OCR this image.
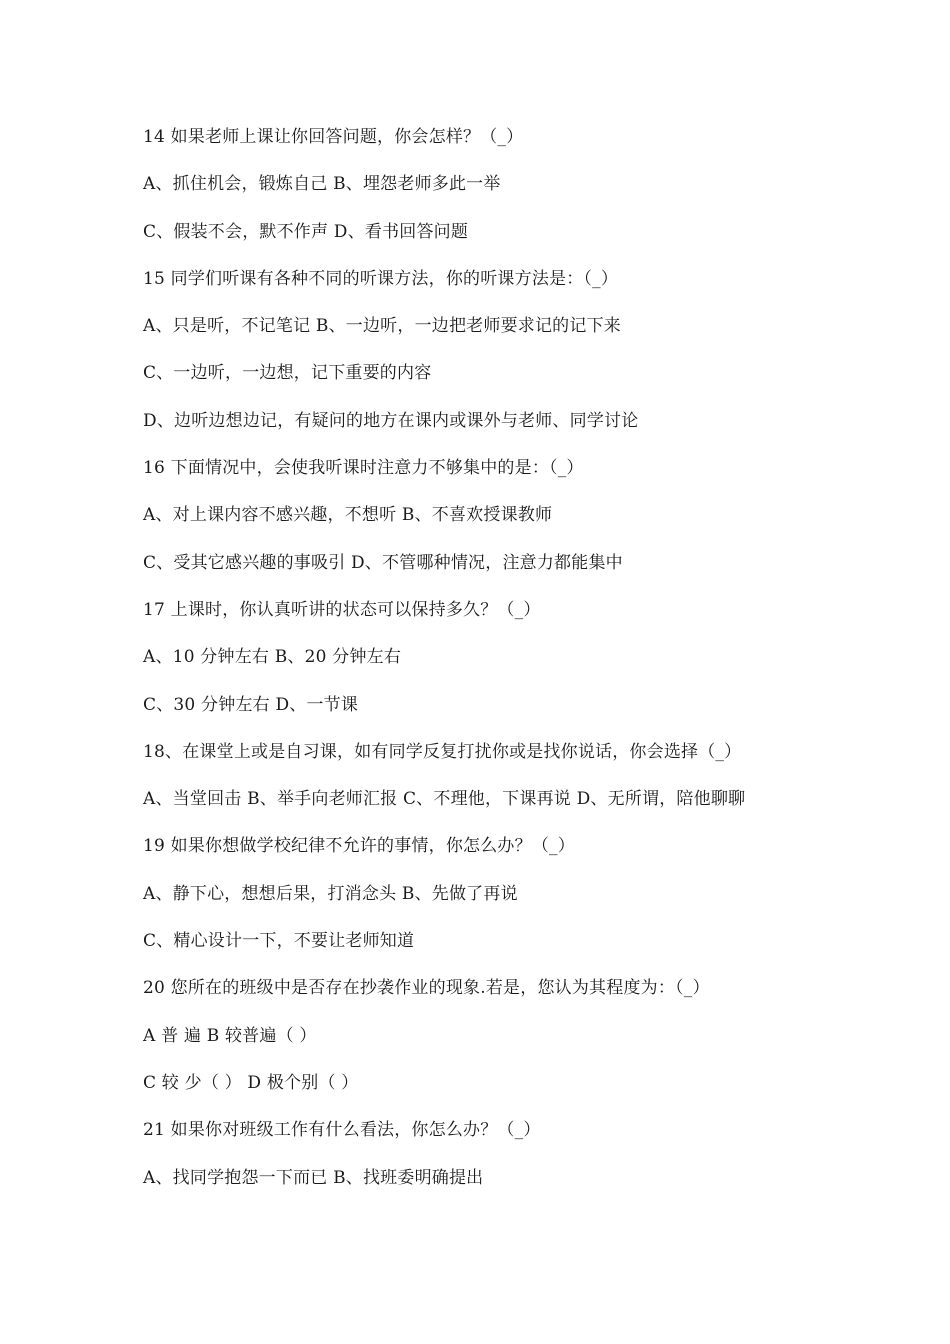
14 如果老师上课让你回答问题，你会怎样？（_）
A、抓住机会，锻炼自己 B、埋怨老师多此一举
C、假装不会，默不作声 D、看书回答问题
15 同学们听课有各种不同的听课方法，你的听课方法是：（_）
A、只是听，不记笔记 B、一边听，一边把老师要求记的记下来
C、一边听，一边想，记下重要的内容
D、边听边想边记，有疑问的地方在课内或课外与老师、同学讨论
16 下面情况中，会使我听课时注意力不够集中的是：（_）
A、对上课内容不感兴趣，不想听 B、不喜欢授课教师
C、受其它感兴趣的事吸引 D、不管哪种情况，注意力都能集中
17 上课时，你认真听讲的状态可以保持多久？（_）
A、10 分钟左右 B、20 分钟左右
C、30 分钟左右 D、一节课
18、在课堂上或是自习课，如有同学反复打扰你或是找你说话，你会选择（_）
A、当堂回击 B、举手向老师汇报 C、不理他，下课再说 D、无所谓，陪他聊聊
19 如果你想做学校纪律不允许的事情，你怎么办？（_）
A、静下心，想想后果，打消念头 B、先做了再说
C、精心设计一下，不要让老师知道
20 您所在的班级中是否存在抄袭作业的现象.若是，您认为其程度为：（_）
A 普 遍 B 较普遍（ ）
C 较 少（ ） D 极个别（ ）
21 如果你对班级工作有什么看法，你怎么办？（_）
A、找同学抱怨一下而已 B、找班委明确提出
